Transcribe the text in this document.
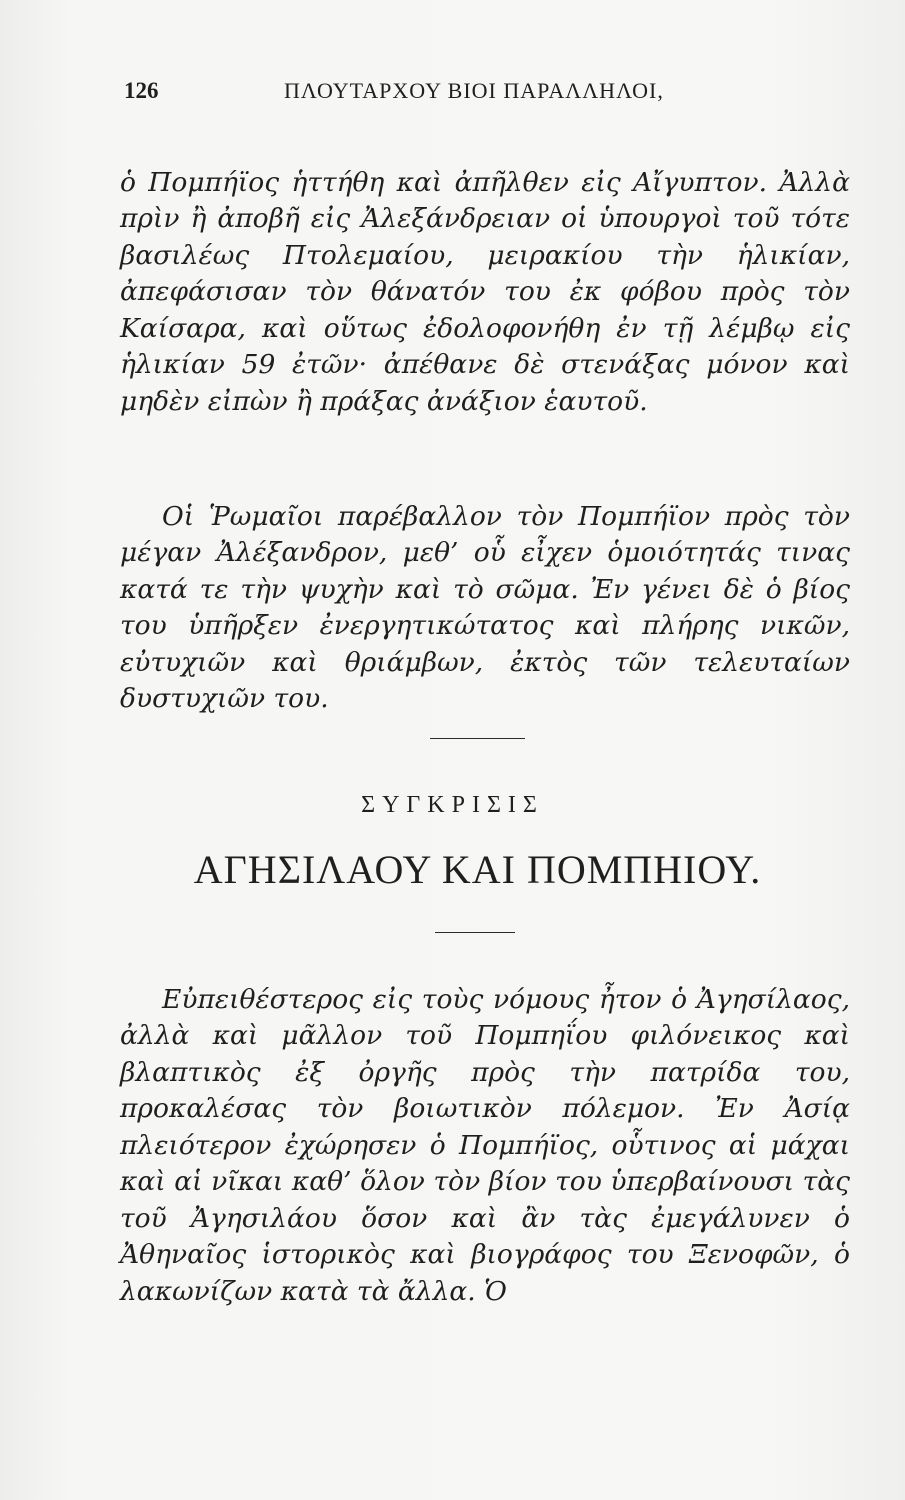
126	ΠΛΟΥΤΑΡΧΟΥ ΒΙΟΙ ΠΑΡΑΛΛΗΛΟΙ,

ὁ Πομπήϊος ἡττήθη καὶ ἀπῆλθεν εἰς Αἴγυπτον. Ἀλλὰ πρὶν ἢ ἀποβῆ εἰς Ἀλεξάνδρειαν οἱ ὑπουργοὶ τοῦ τότε βασιλέως Πτολεμαίου, μειρακίου τὴν ἡλικίαν, ἀπεφάσισαν τὸν θάνατόν του ἐκ φόβου πρὸς τὸν Καίσαρα, καὶ οὕτως ἐδολοφονήθη ἐν τῇ λέμβῳ εἰς ἡλικίαν 59 ἐτῶν· ἀπέθανε δὲ στενάξας μόνον καὶ μηδὲν εἰπὼν ἢ πράξας ἀνάξιον ἑαυτοῦ.

Οἱ Ῥωμαῖοι παρέβαλλον τὸν Πομπήϊον πρὸς τὸν μέγαν Ἀλέξανδρον, μεθ’ οὗ εἶχεν ὁμοιότητάς τινας κατά τε τὴν ψυχὴν καὶ τὸ σῶμα. Ἐν γένει δὲ ὁ βίος του ὑπῆρξεν ἐνεργητικώτατος καὶ πλήρης νικῶν, εὐτυχιῶν καὶ θριάμβων, ἐκτὸς τῶν τελευταίων δυστυχιῶν του.

ΣΥΓΚΡΙΣΙΣ
ΑΓΗΣΙΛΑΟΥ ΚΑΙ ΠΟΜΠΗΙΟΥ.

Εὐπειθέστερος εἰς τοὺς νόμους ἦτον ὁ Ἀγησίλαος, ἀλλὰ καὶ μᾶλλον τοῦ Πομπηΐου φιλόνεικος καὶ βλαπτικὸς ἐξ ὀργῆς πρὸς τὴν πατρίδα του, προκαλέσας τὸν βοιωτικὸν πόλεμον. Ἐν Ἀσίᾳ πλειότερον ἐχώρησεν ὁ Πομπήϊος, οὗτινος αἱ μάχαι καὶ αἱ νῖκαι καθ’ ὅλον τὸν βίον του ὑπερβαίνουσι τὰς τοῦ Ἀγησιλάου ὅσον καὶ ἂν τὰς ἐμεγάλυνεν ὁ Ἀθηναῖος ἱστορικὸς καὶ βιογράφος του Ξενοφῶν, ὁ λακωνίζων κατὰ τὰ ἄλλα. Ὁ
